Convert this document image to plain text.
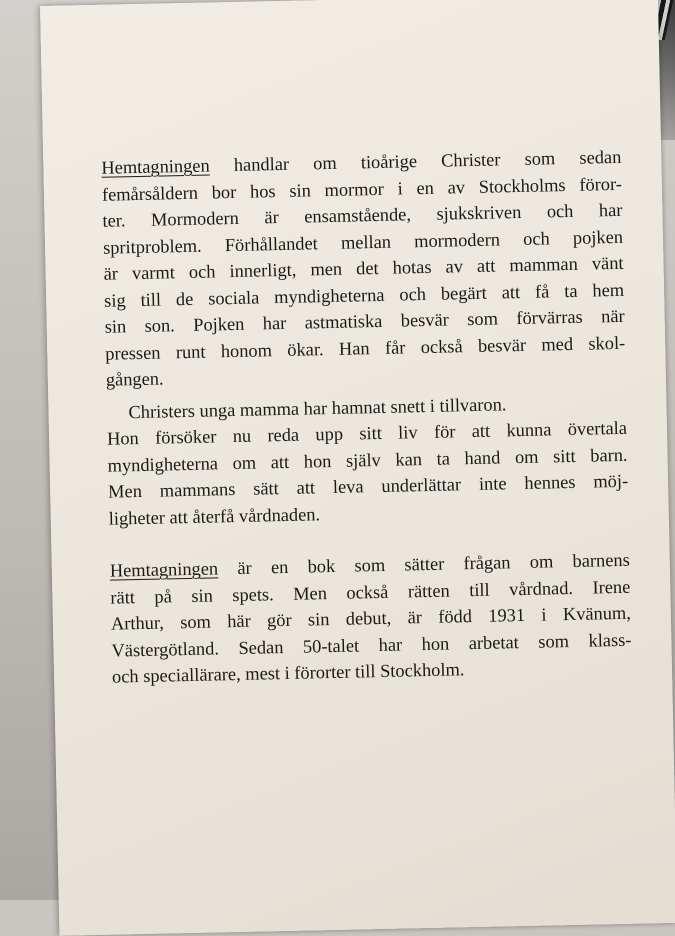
Hemtagningen handlar om tioårige Christer som sedan
femårsåldern bor hos sin mormor i en av Stockholms föror-
ter. Mormodern är ensamstående, sjukskriven och har
spritproblem. Förhållandet mellan mormodern och pojken
är varmt och innerligt, men det hotas av att mamman vänt
sig till de sociala myndigheterna och begärt att få ta hem
sin son. Pojken har astmatiska besvär som förvärras när
pressen runt honom ökar. Han får också besvär med skol-
gången.

Christers unga mamma har hamnat snett i tillvaron.
Hon försöker nu reda upp sitt liv för att kunna övertala
myndigheterna om att hon själv kan ta hand om sitt barn.
Men mammans sätt att leva underlättar inte hennes möj-
ligheter att återfå vårdnaden.

Hemtagningen är en bok som sätter frågan om barnens
rätt på sin spets. Men också rätten till vårdnad. Irene
Arthur, som här gör sin debut, är född 1931 i Kvänum,
Västergötland. Sedan 50-talet har hon arbetat som klass-
och speciallärare, mest i förorter till Stockholm.
